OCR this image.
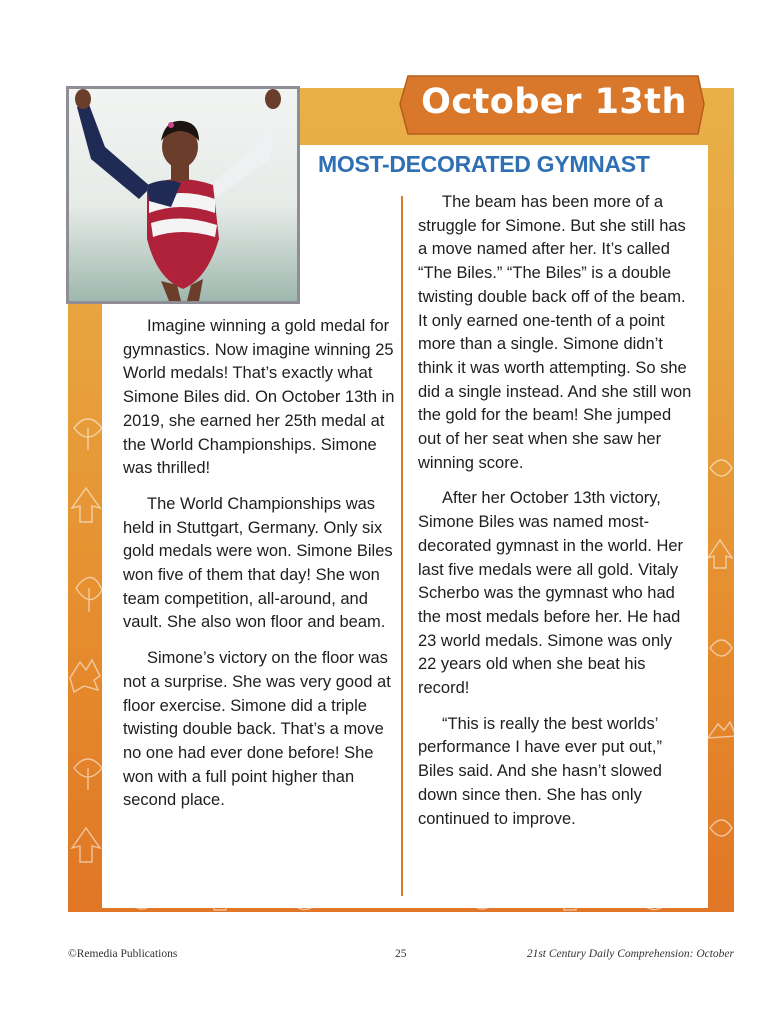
October 13th
MOST-DECORATED GYMNAST

Imagine winning a gold medal for gymnastics. Now imagine winning 25 World medals! That’s exactly what Simone Biles did. On October 13th in 2019, she earned her 25th medal at the World Championships. Simone was thrilled!

The World Championships was held in Stuttgart, Germany. Only six gold medals were won. Simone Biles won five of them that day! She won team competition, all-around, and vault. She also won floor and beam.

Simone’s victory on the floor was not a surprise. She was very good at floor exercise. Simone did a triple twisting double back. That’s a move no one had ever done before! She won with a full point higher than second place.

The beam has been more of a struggle for Simone. But she still has a move named after her. It’s called “The Biles.” “The Biles” is a double twisting double back off of the beam. It only earned one-tenth of a point more than a single. Simone didn’t think it was worth attempting. So she did a single instead. And she still won the gold for the beam! She jumped out of her seat when she saw her winning score.

After her October 13th victory, Simone Biles was named most-decorated gymnast in the world. Her last five medals were all gold. Vitaly Scherbo was the gymnast who had the most medals before her. He had 23 world medals. Simone was only 22 years old when she beat his record!

“This is really the best worlds’ performance I have ever put out,” Biles said. And she hasn’t slowed down since then. She has only continued to improve.

©Remedia Publications	25	21st Century Daily Comprehension: October
